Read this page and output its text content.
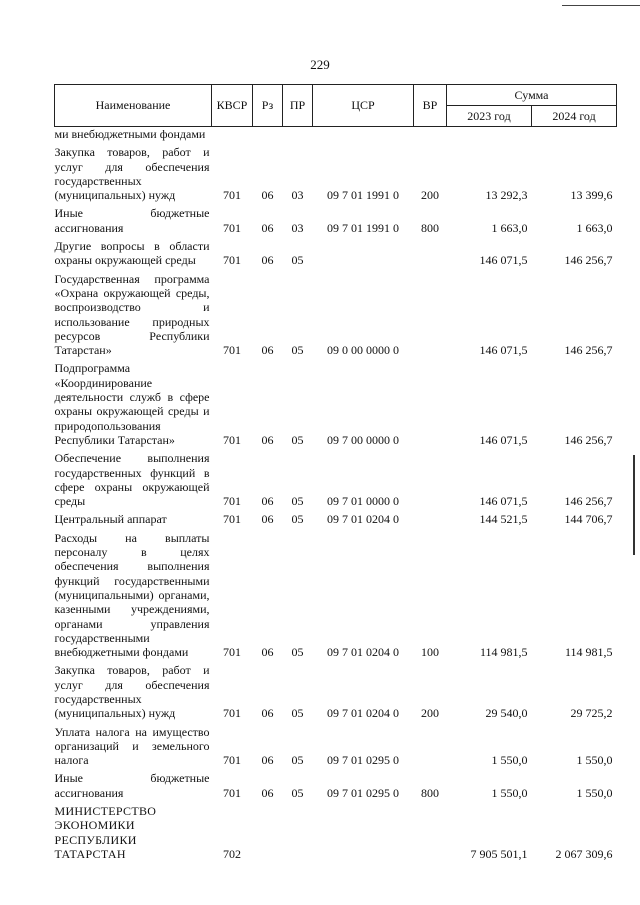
229
Наименование	КВСР	Рз	ПР	ЦСР	ВР	Сумма	
						2023 год	2024 год
ми внебюджетными фондами							
Закупка товаров, работ и услуг для обеспечения государственных (муниципальных) нужд	701	06	03	09 7 01 1991 0	200	13 292,3	13 399,6
Иные бюджетные ассигнования	701	06	03	09 7 01 1991 0	800	1 663,0	1 663,0
Другие вопросы в области охраны окружающей среды	701	06	05			146 071,5	146 256,7
Государственная программа «Охрана окружающей среды, воспроизводство и использование природных ресурсов Республики Татарстан»	701	06	05	09 0 00 0000 0		146 071,5	146 256,7
Подпрограмма «Координирование деятельности служб в сфере охраны окружающей среды и природопользования Республики Татарстан»	701	06	05	09 7 00 0000 0		146 071,5	146 256,7
Обеспечение выполнения государственных функций в сфере охраны окружающей среды	701	06	05	09 7 01 0000 0		146 071,5	146 256,7
Центральный аппарат	701	06	05	09 7 01 0204 0		144 521,5	144 706,7
Расходы на выплаты персоналу в целях обеспечения выполнения функций государственными (муниципальными) органами, казенными учреждениями, органами управления государственными внебюджетными фондами	701	06	05	09 7 01 0204 0	100	114 981,5	114 981,5
Закупка товаров, работ и услуг для обеспечения государственных (муниципальных) нужд	701	06	05	09 7 01 0204 0	200	29 540,0	29 725,2
Уплата налога на имущество организаций и земельного налога	701	06	05	09 7 01 0295 0		1 550,0	1 550,0
Иные бюджетные ассигнования	701	06	05	09 7 01 0295 0	800	1 550,0	1 550,0
МИНИСТЕРСТВО ЭКОНОМИКИ РЕСПУБЛИКИ ТАТАРСТАН	702					7 905 501,1	2 067 309,6
